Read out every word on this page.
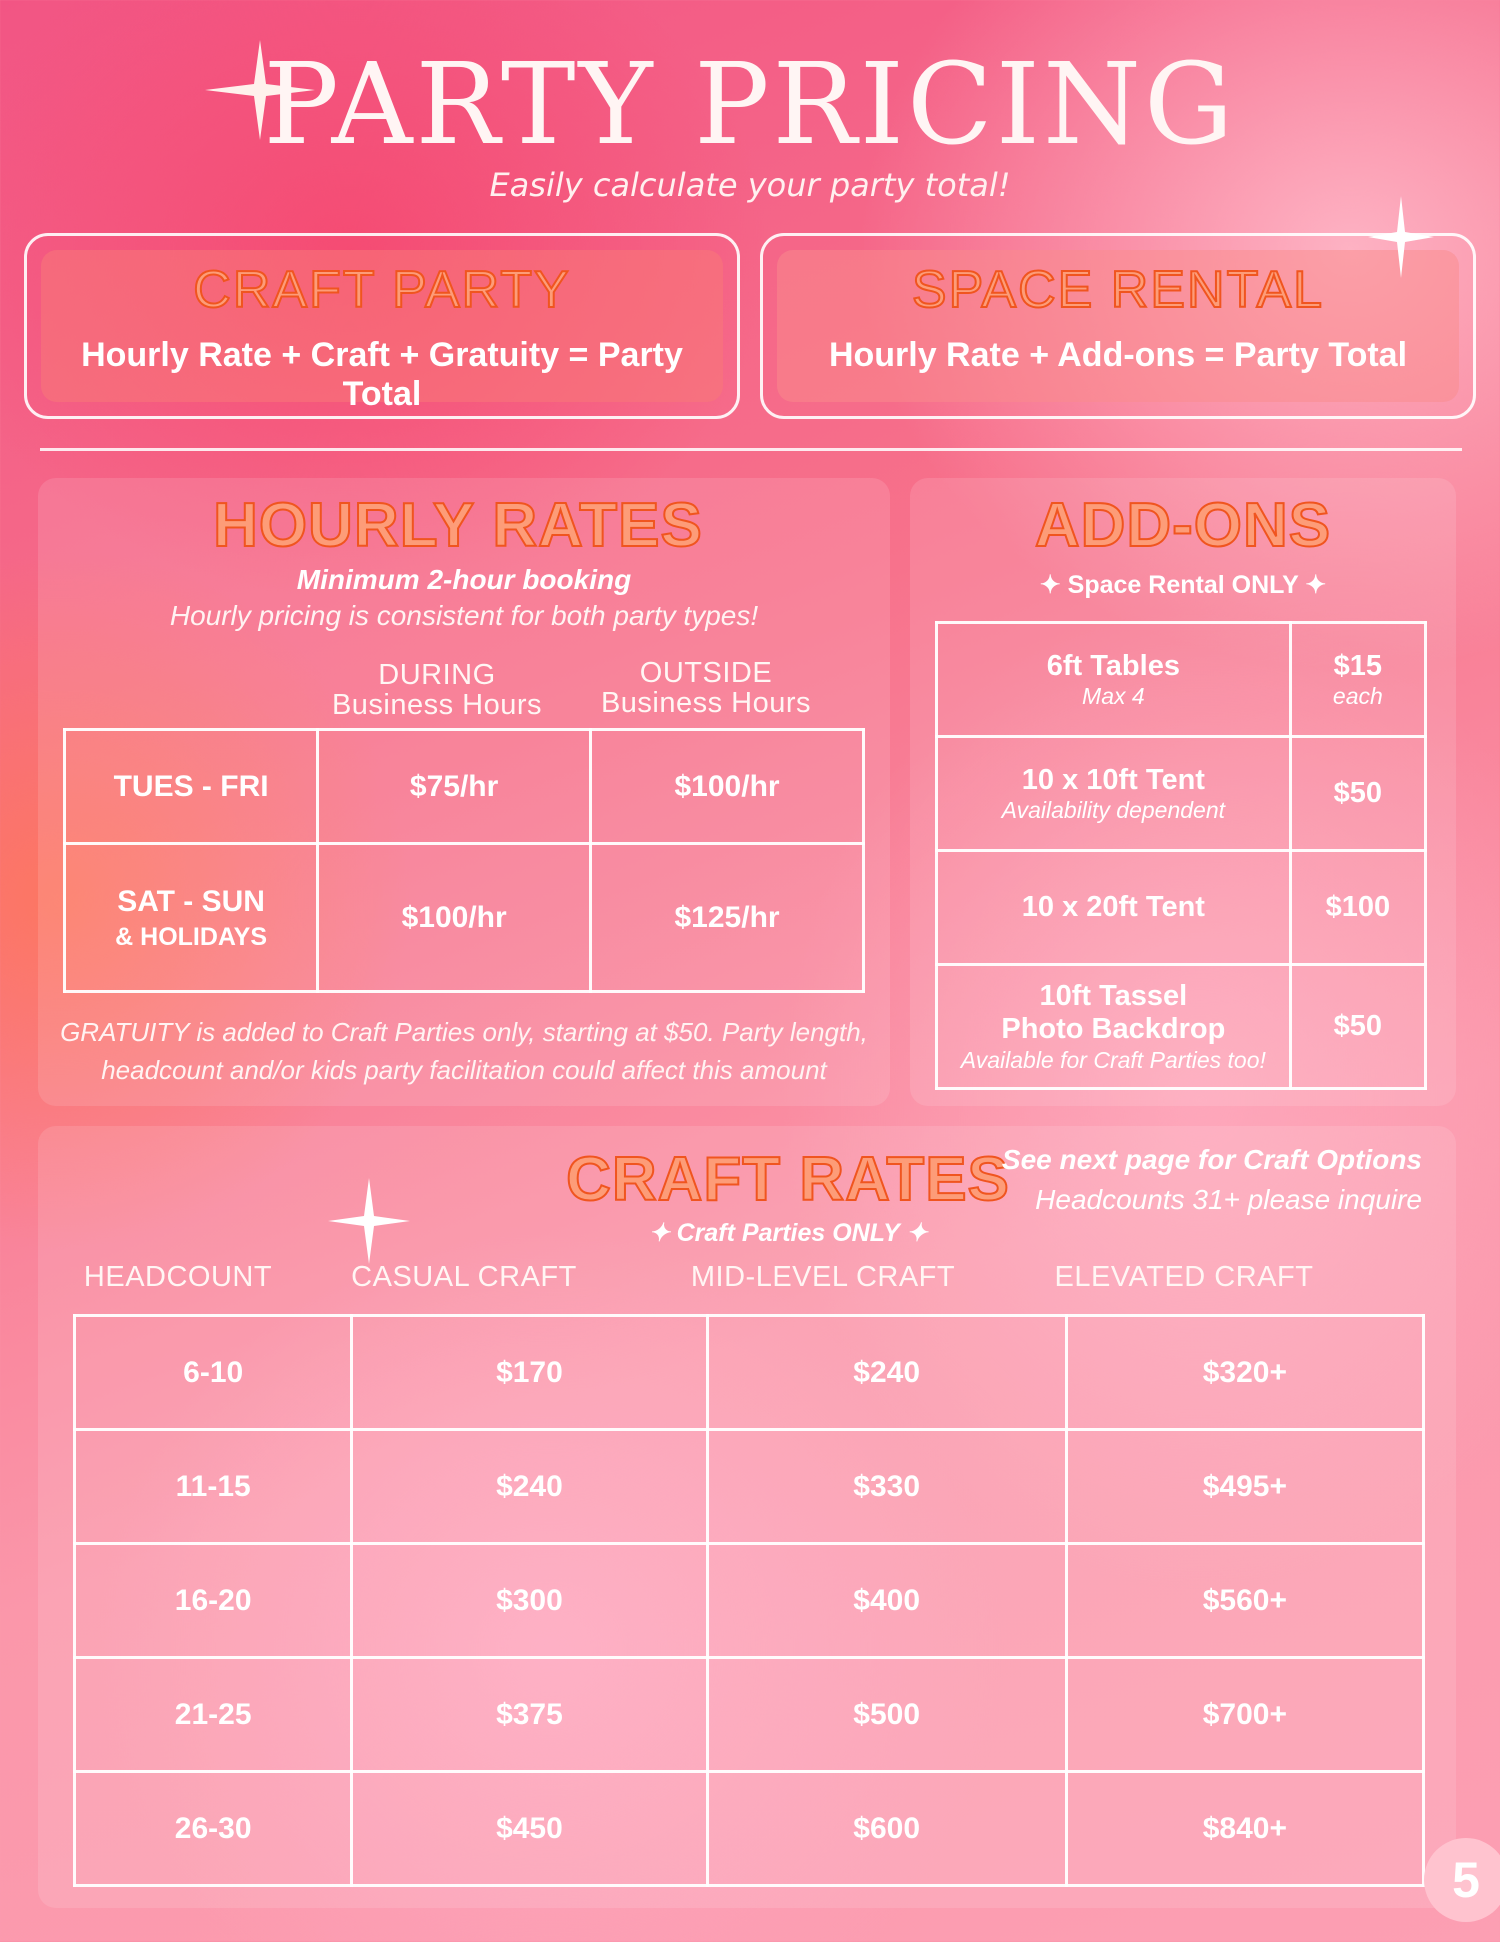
PARTY PRICING
Easily calculate your party total!
CRAFT PARTY
Hourly Rate + Craft + Gratuity = Party Total
SPACE RENTAL
Hourly Rate + Add-ons = Party Total
HOURLY RATES
Minimum 2-hour booking
Hourly pricing is consistent for both party types!
DURING
Business Hours
OUTSIDE
Business Hours
TUES - FRI	$75/hr	$100/hr

SAT - SUN
& HOLIDAYS	$100/hr	$125/hr
GRATUITY is added to Craft Parties only, starting at $50. Party length,
headcount and/or kids party facilitation could affect this amount
ADD-ONS
✦ Space Rental ONLY ✦
6ft Tables
Max 4	$15
each

10 x 10ft Tent
Availability dependent	$50
10 x 20ft Tent	$100

10ft Tassel
Photo Backdrop
Available for Craft Parties too!	$50
CRAFT RATES
✦ Craft Parties ONLY ✦
See next page for Craft Options
Headcounts 31+ please inquire
HEADCOUNT	CASUAL CRAFT	MID-LEVEL CRAFT	ELEVATED CRAFT
6-10	$170	$240	$320+
11-15	$240	$330	$495+
16-20	$300	$400	$560+
21-25	$375	$500	$700+
26-30	$450	$600	$840+
5
